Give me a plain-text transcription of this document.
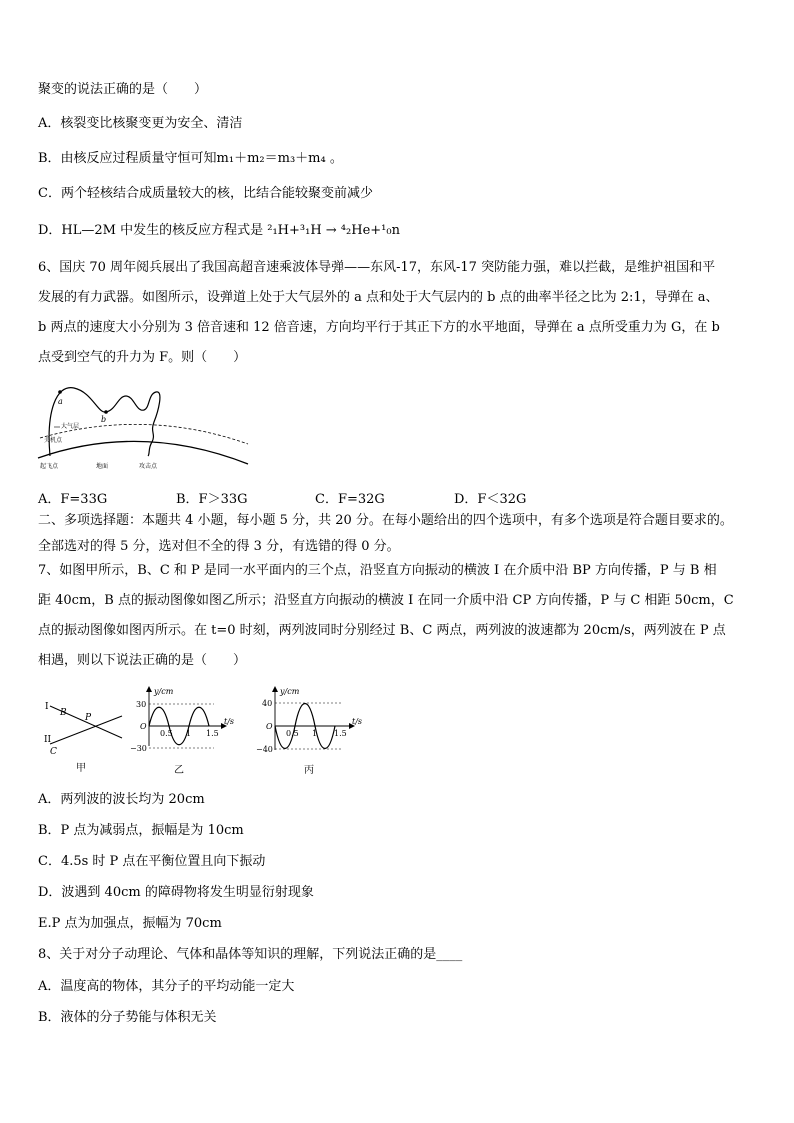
聚变的说法正确的是（　　）
A．核裂变比核聚变更为安全、清洁
B．由核反应过程质量守恒可知m₁＋m₂＝m₃＋m₄ 。
C．两个轻核结合成质量较大的核，比结合能较聚变前减少
D．HL—2M 中发生的核反应方程式是 ²₁H+³₁H → ⁴₂He+¹₀n
6、国庆 70 周年阅兵展出了我国高超音速乘波体导弹——东风-17，东风-17 突防能力强，难以拦截，是维护祖国和平
发展的有力武器。如图所示，设弹道上处于大气层外的 a 点和处于大气层内的 b 点的曲率半径之比为 2:1，导弹在 a、
b 两点的速度大小分别为 3 倍音速和 12 倍音速，方向均平行于其正下方的水平地面，导弹在 a 点所受重力为 G，在 b
点受到空气的升力为 F。则（　　）
a
b
大气层
关机点
起飞点	地面	攻击点
A．F=33G	B．F＞33G	C．F=32G	D．F＜32G
二、多项选择题：本题共 4 小题，每小题 5 分，共 20 分。在每小题给出的四个选项中，有多个选项是符合题目要求的。
全部选对的得 5 分，选对但不全的得 3 分，有选错的得 0 分。
7、如图甲所示，B、C 和 P 是同一水平面内的三个点，沿竖直方向振动的横波 I 在介质中沿 BP 方向传播，P 与 B 相
距 40cm，B 点的振动图像如图乙所示；沿竖直方向振动的横波 I 在同一介质中沿 CP 方向传播，P 与 C 相距 50cm，C
点的振动图像如图丙所示。在 t=0 时刻，两列波同时分别经过 B、C 两点，两列波的波速都为 20cm/s，两列波在 P 点
相遇，则以下说法正确的是（　　）
I
B P
II
C
甲
y/cm
t/s
30
O
−30
0.5 1 1.5
乙
y/cm
t/s
40
O
−40
0.5 1 1.5
丙
A．两列波的波长均为 20cm
B．P 点为减弱点，振幅是为 10cm
C．4.5s 时 P 点在平衡位置且向下振动
D．波遇到 40cm 的障碍物将发生明显衍射现象
E.P 点为加强点，振幅为 70cm
8、关于对分子动理论、气体和晶体等知识的理解，下列说法正确的是____
A．温度高的物体，其分子的平均动能一定大
B．液体的分子势能与体积无关
